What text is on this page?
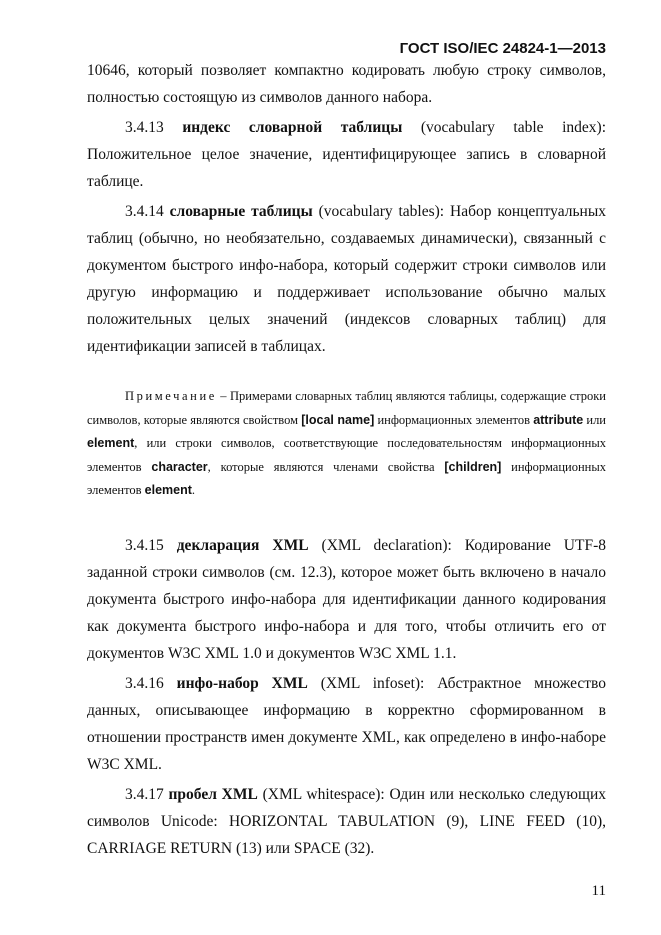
ГОСТ ISO/IEC 24824-1—2013

10646, который позволяет компактно кодировать любую строку символов, полностью состоящую из символов данного набора.

3.4.13 индекс словарной таблицы (vocabulary table index): Положительное целое значение, идентифицирующее запись в словарной таблице.

3.4.14 словарные таблицы (vocabulary tables): Набор концептуальных таблиц (обычно, но необязательно, создаваемых динамически), связанный с документом быстрого инфо-набора, который содержит строки символов или другую информацию и поддерживает использование обычно малых положительных целых значений (индексов словарных таблиц) для идентификации записей в таблицах.

Примечание – Примерами словарных таблиц являются таблицы, содержащие строки символов, которые являются свойством [local name] информационных элементов attribute или element, или строки символов, соответствующие последовательностям информационных элементов character, которые являются членами свойства [children] информационных элементов element.

3.4.15 декларация XML (XML declaration): Кодирование UTF-8 заданной строки символов (см. 12.3), которое может быть включено в начало документа быстрого инфо-набора для идентификации данного кодирования как документа быстрого инфо-набора и для того, чтобы отличить его от документов W3C XML 1.0 и документов W3C XML 1.1.

3.4.16 инфо-набор XML (XML infoset): Абстрактное множество данных, описывающее информацию в корректно сформированном в отношении пространств имен документе XML, как определено в инфо-наборе W3C XML.

3.4.17 пробел XML (XML whitespace): Один или несколько следующих символов Unicode: HORIZONTAL TABULATION (9), LINE FEED (10), CARRIAGE RETURN (13) или SPACE (32).

11
